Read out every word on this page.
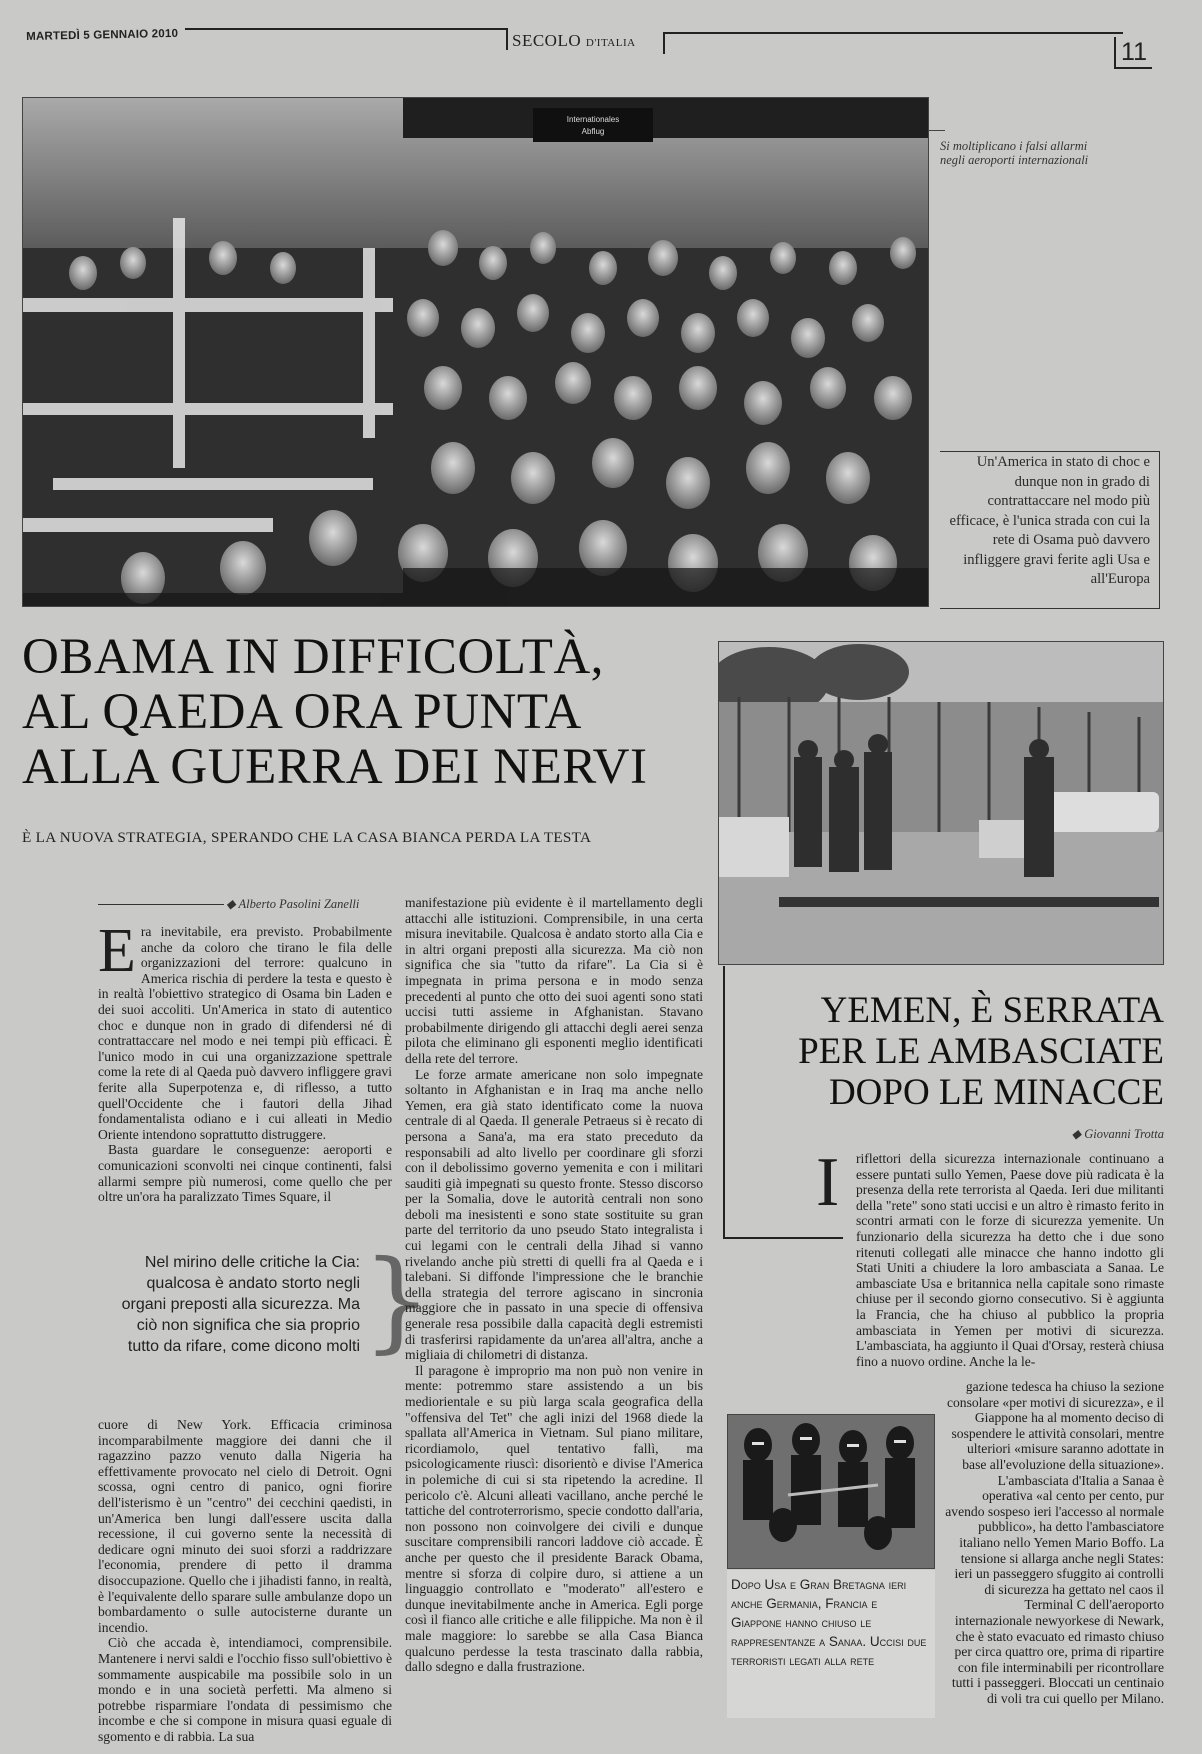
MARTEDÌ 5 GENNAIO 2010	SECOLO D'ITALIA	11
Internationales
Abflug
Si moltiplicano i falsi allarmi negli aeroporti internazionali
Un'America in stato di choc e dunque non in grado di contrattaccare nel modo più efficace, è l'unica strada con cui la rete di Osama può davvero infliggere gravi ferite agli Usa e all'Europa
OBAMA IN DIFFICOLTÀ,
AL QAEDA ORA PUNTA
ALLA GUERRA DEI NERVI
È LA NUOVA STRATEGIA, SPERANDO CHE LA CASA BIANCA PERDA LA TESTA
◆ Alberto Pasolini Zanelli
E ra inevitabile, era previsto. Probabilmente anche da coloro che tirano le fila delle organizzazioni del terrore: qualcuno in America rischia di perdere la testa e questo è in realtà l'obiettivo strategico di Osama bin Laden e dei suoi accoliti. Un'America in stato di autentico choc e dunque non in grado di difendersi né di contrattaccare nel modo e nei tempi più efficaci. È l'unico modo in cui una organizzazione spettrale come la rete di al Qaeda può davvero infliggere gravi ferite alla Superpotenza e, di riflesso, a tutto quell'Occidente che i fautori della Jihad fondamentalista odiano e i cui alleati in Medio Oriente intendono soprattutto distruggere.

Basta guardare le conseguenze: aeroporti e comunicazioni sconvolti nei cinque continenti, falsi allarmi sempre più numerosi, come quello che per oltre un'ora ha paralizzato Times Square, il

Nel mirino delle critiche la Cia: qualcosa è andato storto negli organi preposti alla sicurezza. Ma ciò non significa che sia proprio tutto da rifare, come dicono molti }

cuore di New York. Efficacia criminosa incomparabilmente maggiore dei danni che il ragazzino pazzo venuto dalla Nigeria ha effettivamente provocato nel cielo di Detroit. Ogni scossa, ogni centro di panico, ogni fiorire dell'isterismo è un "centro" dei cecchini qaedisti, in un'America ben lungi dall'essere uscita dalla recessione, il cui governo sente la necessità di dedicare ogni minuto dei suoi sforzi a raddrizzare l'economia, prendere di petto il dramma disoccupazione. Quello che i jihadisti fanno, in realtà, è l'equivalente dello sparare sulle ambulanze dopo un bombardamento o sulle autocisterne durante un incendio.

Ciò che accada è, intendiamoci, comprensibile. Mantenere i nervi saldi e l'occhio fisso sull'obiettivo è sommamente auspicabile ma possibile solo in un mondo e in una società perfetti. Ma almeno si potrebbe risparmiare l'ondata di pessimismo che incombe e che si compone in misura quasi eguale di sgomento e di rabbia. La sua

manifestazione più evidente è il martellamento degli attacchi alle istituzioni. Comprensibile, in una certa misura inevitabile. Qualcosa è andato storto alla Cia e in altri organi preposti alla sicurezza. Ma ciò non significa che sia "tutto da rifare". La Cia si è impegnata in prima persona e in modo senza precedenti al punto che otto dei suoi agenti sono stati uccisi tutti assieme in Afghanistan. Stavano probabilmente dirigendo gli attacchi degli aerei senza pilota che eliminano gli esponenti meglio identificati della rete del terrore.

Le forze armate americane non solo impegnate soltanto in Afghanistan e in Iraq ma anche nello Yemen, era già stato identificato come la nuova centrale di al Qaeda. Il generale Petraeus si è recato di persona a Sana'a, ma era stato preceduto da responsabili ad alto livello per coordinare gli sforzi con il debolissimo governo yemenita e con i militari sauditi già impegnati su questo fronte. Stesso discorso per la Somalia, dove le autorità centrali non sono deboli ma inesistenti e sono state sostituite su gran parte del territorio da uno pseudo Stato integralista i cui legami con le centrali della Jihad si vanno rivelando anche più stretti di quelli fra al Qaeda e i talebani. Si diffonde l'impressione che le branchie della strategia del terrore agiscano in sincronia maggiore che in passato in una specie di offensiva generale resa possibile dalla capacità degli estremisti di trasferirsi rapidamente da un'area all'altra, anche a migliaia di chilometri di distanza.

Il paragone è improprio ma non può non venire in mente: potremmo stare assistendo a un bis mediorientale e su più larga scala geografica della "offensiva del Tet" che agli inizi del 1968 diede la spallata all'America in Vietnam. Sul piano militare, ricordiamolo, quel tentativo fallì, ma psicologicamente riuscì: disorientò e divise l'America in polemiche di cui si sta ripetendo la acredine. Il pericolo c'è. Alcuni alleati vacillano, anche perché le tattiche del controterrorismo, specie condotto dall'aria, non possono non coinvolgere dei civili e dunque suscitare comprensibili rancori laddove ciò accade. È anche per questo che il presidente Barack Obama, mentre si sforza di colpire duro, si attiene a un linguaggio controllato e "moderato" all'estero e dunque inevitabilmente anche in America. Egli porge così il fianco alle critiche e alle filippiche. Ma non è il male maggiore: lo sarebbe se alla Casa Bianca qualcuno perdesse la testa trascinato dalla rabbia, dallo sdegno e dalla frustrazione.

YEMEN, È SERRATA
PER LE AMBASCIATE
DOPO LE MINACCE
◆ Giovanni Trotta
I	riflettori della sicurezza internazionale continuano a essere puntati sullo Yemen, Paese dove più radicata è la presenza della rete terrorista al Qaeda. Ieri due militanti della "rete" sono stati uccisi e un altro è rimasto ferito in scontri armati con le forze di sicurezza yemenite. Un funzionario della sicurezza ha detto che i due sono ritenuti collegati alle minacce che hanno indotto gli Stati Uniti a chiudere la loro ambasciata a Sanaa. Le ambasciate Usa e britannica nella capitale sono rimaste chiuse per il secondo giorno consecutivo. Si è aggiunta la Francia, che ha chiuso al pubblico la propria ambasciata in Yemen per motivi di sicurezza. L'ambasciata, ha aggiunto il Quai d'Orsay, resterà chiusa fino a nuovo ordine. Anche la le-

Dopo Usa e Gran Bretagna ieri anche Germania, Francia e Giappone hanno chiuso le rappresentanze a Sanaa. Uccisi due terroristi legati alla rete

gazione tedesca ha chiuso la sezione consolare «per motivi di sicurezza», e il Giappone ha al momento deciso di sospendere le attività consolari, mentre ulteriori «misure saranno adottate in base all'evoluzione della situazione». L'ambasciata d'Italia a Sanaa è operativa «al cento per cento, pur avendo sospeso ieri l'accesso al normale pubblico», ha detto l'ambasciatore italiano nello Yemen Mario Boffo. La tensione si allarga anche negli States: ieri un passeggero sfuggito ai controlli di sicurezza ha gettato nel caos il Terminal C dell'aeroporto internazionale newyorkese di Newark, che è stato evacuato ed rimasto chiuso per circa quattro ore, prima di ripartire con file interminabili per ricontrollare tutti i passeggeri. Bloccati un centinaio di voli tra cui quello per Milano.
